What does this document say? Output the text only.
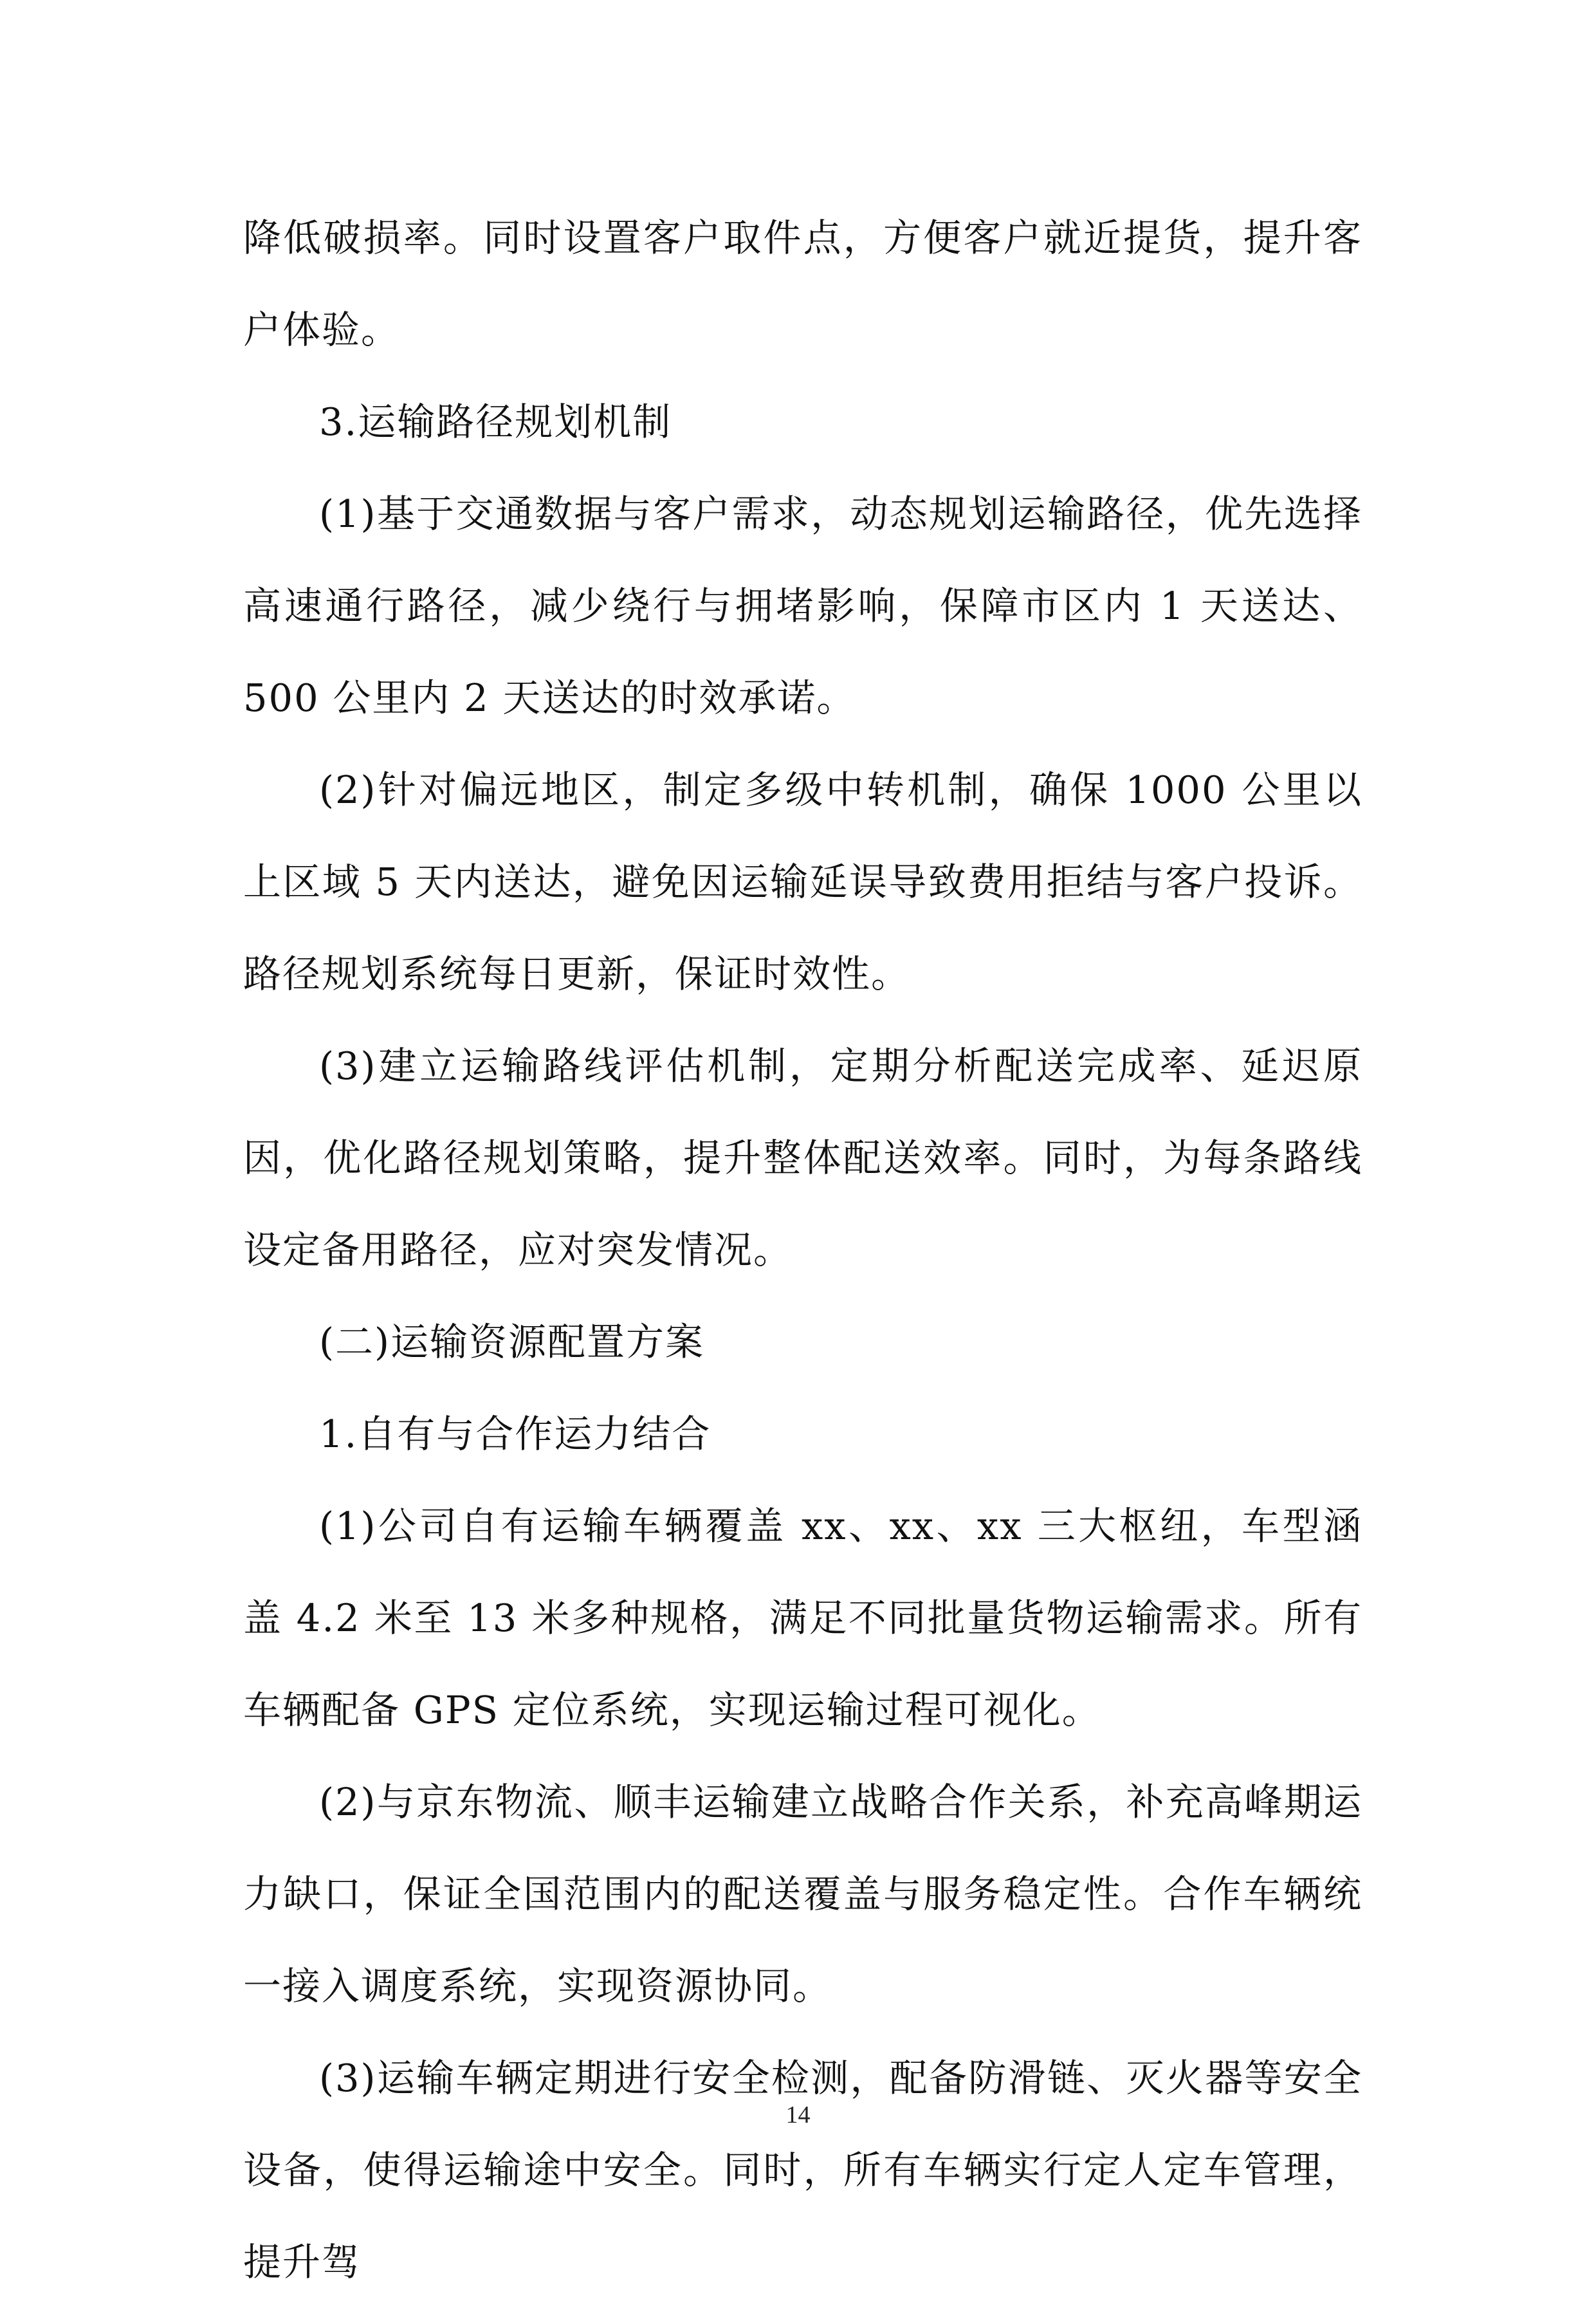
降低破损率。同时设置客户取件点，方便客户就近提货，提升客户体验。

3.运输路径规划机制

(1)基于交通数据与客户需求，动态规划运输路径，优先选择高速通行路径，减少绕行与拥堵影响，保障市区内 1 天送达、500 公里内 2 天送达的时效承诺。

(2)针对偏远地区，制定多级中转机制，确保 1000 公里以上区域 5 天内送达，避免因运输延误导致费用拒结与客户投诉。路径规划系统每日更新，保证时效性。

(3)建立运输路线评估机制，定期分析配送完成率、延迟原因，优化路径规划策略，提升整体配送效率。同时，为每条路线设定备用路径，应对突发情况。

(二)运输资源配置方案

1.自有与合作运力结合

(1)公司自有运输车辆覆盖 xx、xx、xx 三大枢纽，车型涵盖 4.2 米至 13 米多种规格，满足不同批量货物运输需求。所有车辆配备 GPS 定位系统，实现运输过程可视化。

(2)与京东物流、顺丰运输建立战略合作关系，补充高峰期运力缺口，保证全国范围内的配送覆盖与服务稳定性。合作车辆统一接入调度系统，实现资源协同。

(3)运输车辆定期进行安全检测，配备防滑链、灭火器等安全设备，使得运输途中安全。同时，所有车辆实行定人定车管理，提升驾

14
